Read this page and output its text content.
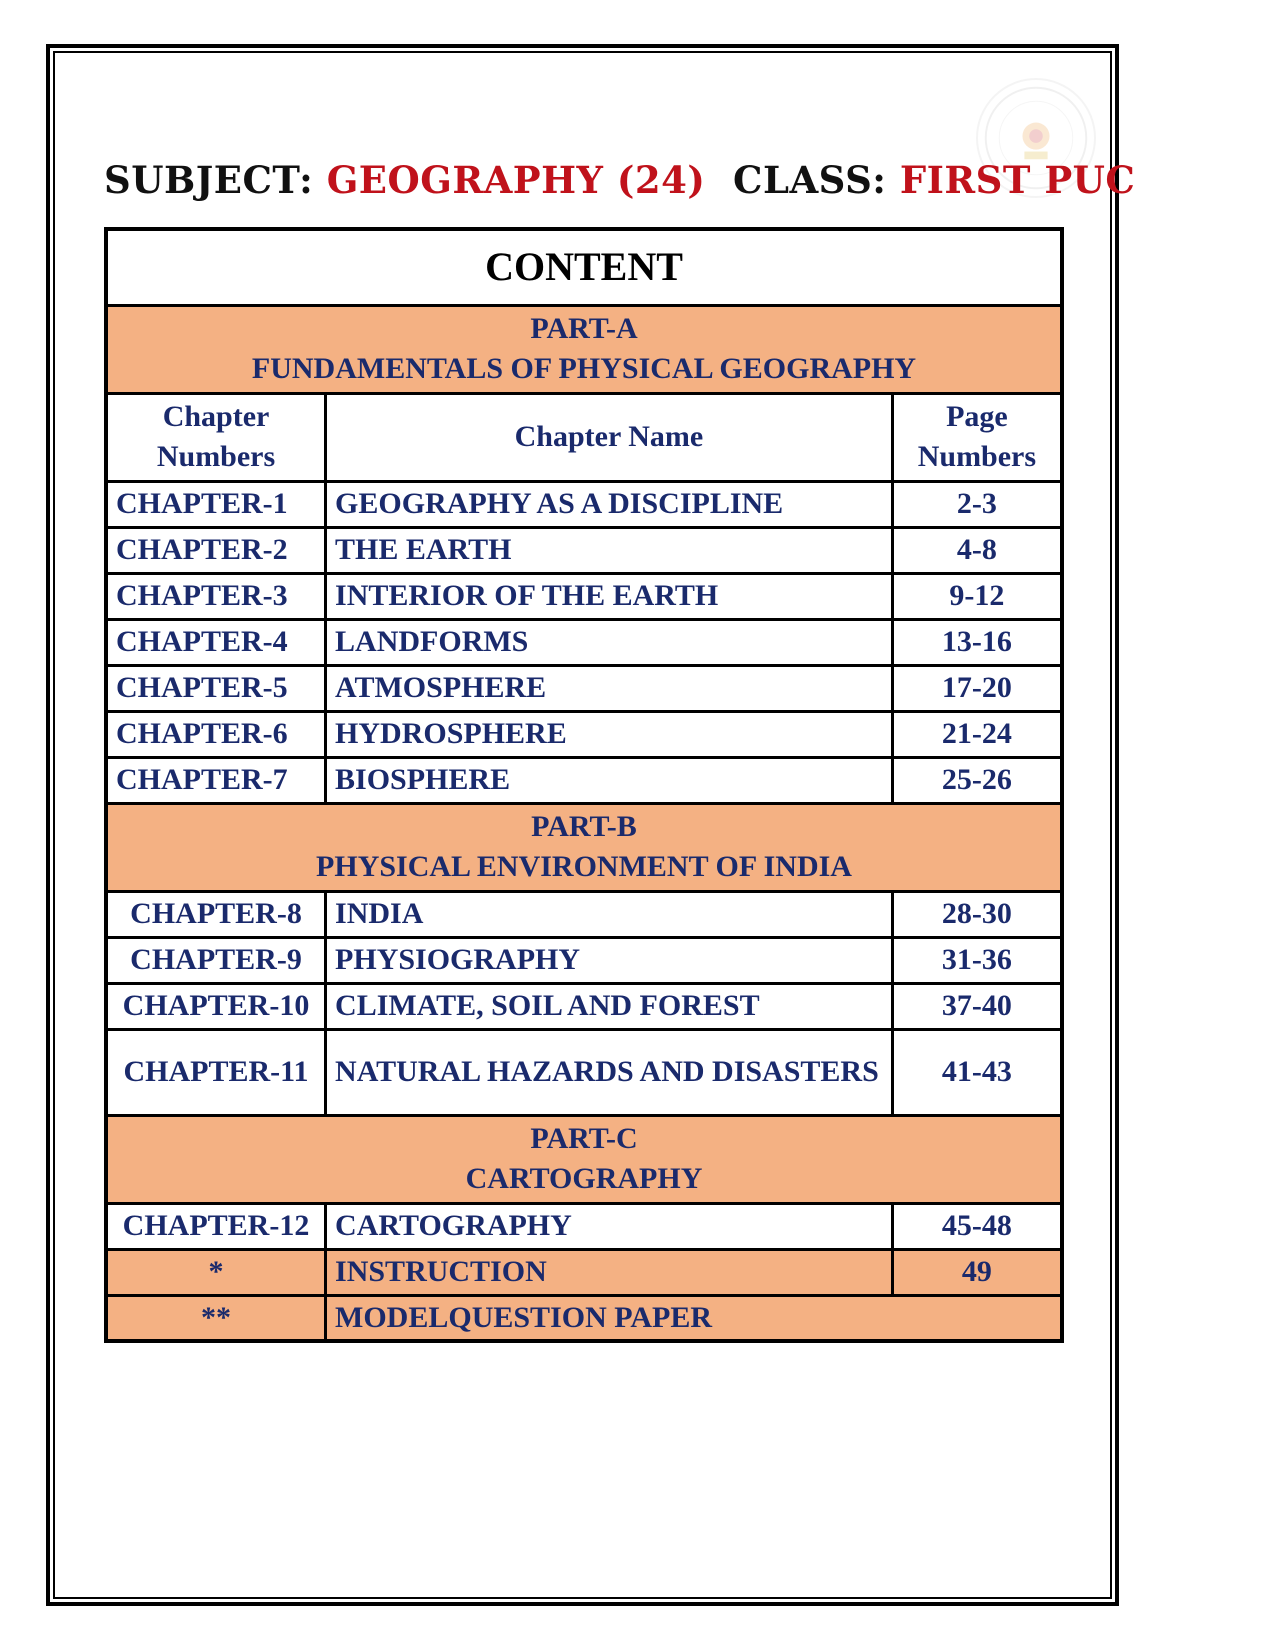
SUBJECT: GEOGRAPHY (24) CLASS: FIRST PUC
CONTENT		

PART-A
FUNDAMENTALS OF PHYSICAL GEOGRAPHY		

Chapter Numbers	Chapter Name	Page Numbers
CHAPTER-1	GEOGRAPHY AS A DISCIPLINE	2-3
CHAPTER-2	THE EARTH	4-8
CHAPTER-3	INTERIOR OF THE EARTH	9-12
CHAPTER-4	LANDFORMS	13-16
CHAPTER-5	ATMOSPHERE	17-20
CHAPTER-6	HYDROSPHERE	21-24
CHAPTER-7	BIOSPHERE	25-26

PART-B
PHYSICAL ENVIRONMENT OF INDIA		

CHAPTER-8	INDIA	28-30
CHAPTER-9	PHYSIOGRAPHY	31-36
CHAPTER-10	CLIMATE, SOIL AND FOREST	37-40
CHAPTER-11	NATURAL HAZARDS AND DISASTERS	41-43

PART-C
CARTOGRAPHY		

CHAPTER-12	CARTOGRAPHY	45-48
*	INSTRUCTION	49
**	MODELQUESTION PAPER	
